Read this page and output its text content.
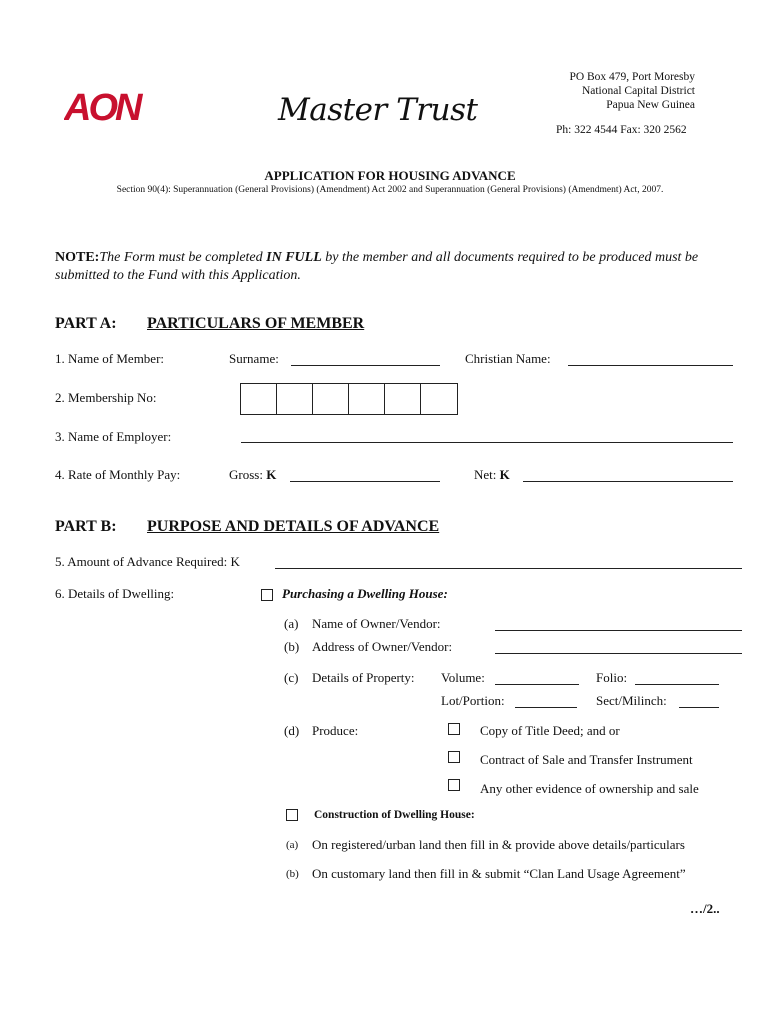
AON	Master Trust
PO Box 479, Port Moresby
National Capital District
Papua New Guinea
Ph: 322 4544 Fax: 320 2562
APPLICATION FOR HOUSING ADVANCE
Section 90(4): Superannuation (General Provisions) (Amendment) Act 2002 and Superannuation (General Provisions) (Amendment) Act, 2007.
NOTE:The Form must be completed IN FULL by the member and all documents required to be produced must be submitted to the Fund with this Application.
PART A: PARTICULARS OF MEMBER
1. Name of Member:	Surname:	Christian Name:
2. Membership No:
3. Name of Employer:
4. Rate of Monthly Pay:	Gross: K	Net: K
PART B: PURPOSE AND DETAILS OF ADVANCE
5. Amount of Advance Required: K
6. Details of Dwelling:	Purchasing a Dwelling House:
(a) Name of Owner/Vendor:
(b) Address of Owner/Vendor:
(c) Details of Property: Volume:	Folio:
Lot/Portion:	Sect/Milinch:
(d) Produce:	Copy of Title Deed; and or
Contract of Sale and Transfer Instrument
Any other evidence of ownership and sale
Construction of Dwelling House:
(a) On registered/urban land then fill in & provide above details/particulars
(b) On customary land then fill in & submit “Clan Land Usage Agreement”
…/2..
